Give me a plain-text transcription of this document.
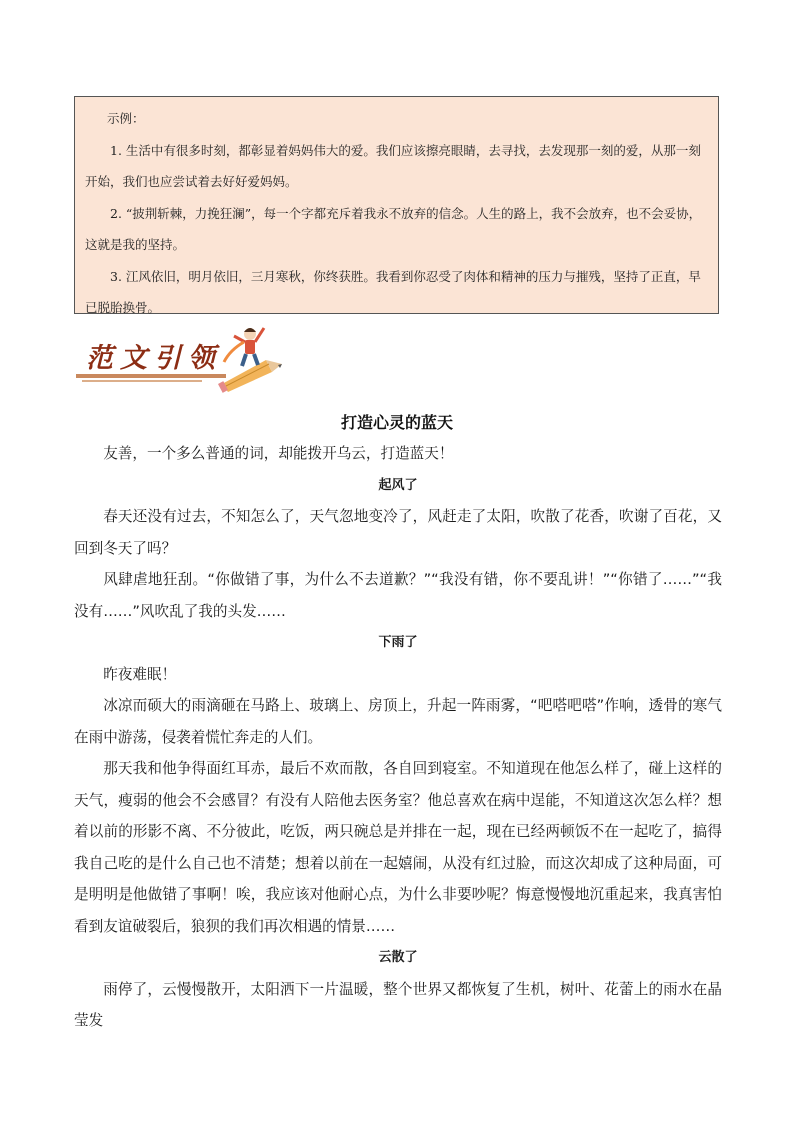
示例：

1. 生活中有很多时刻，都彰显着妈妈伟大的爱。我们应该擦亮眼睛，去寻找，去发现那一刻的爱，从那一刻开始，我们也应尝试着去好好爱妈妈。

2. “披荆斩棘，力挽狂澜”，每一个字都充斥着我永不放弃的信念。人生的路上，我不会放弃，也不会妥协，这就是我的坚持。

3. 江风依旧，明月依旧，三月寒秋，你终获胜。我看到你忍受了肉体和精神的压力与摧残，坚持了正直，早已脱胎换骨。

范文引领
打造心灵的蓝天

友善，一个多么普通的词，却能拨开乌云，打造蓝天！

起风了

春天还没有过去，不知怎么了，天气忽地变冷了，风赶走了太阳，吹散了花香，吹谢了百花，又回到冬天了吗？

风肆虐地狂刮。“你做错了事，为什么不去道歉？”“我没有错，你不要乱讲！”“你错了……”“我没有……”风吹乱了我的头发……

下雨了

昨夜难眠！

冰凉而硕大的雨滴砸在马路上、玻璃上、房顶上，升起一阵雨雾，“吧嗒吧嗒”作响，透骨的寒气在雨中游荡，侵袭着慌忙奔走的人们。

那天我和他争得面红耳赤，最后不欢而散，各自回到寝室。不知道现在他怎么样了，碰上这样的天气，瘦弱的他会不会感冒？有没有人陪他去医务室？他总喜欢在病中逞能，不知道这次怎么样？想着以前的形影不离、不分彼此，吃饭，两只碗总是并排在一起，现在已经两顿饭不在一起吃了，搞得我自己吃的是什么自己也不清楚；想着以前在一起嬉闹，从没有红过脸，而这次却成了这种局面，可是明明是他做错了事啊！唉，我应该对他耐心点，为什么非要吵呢？悔意慢慢地沉重起来，我真害怕看到友谊破裂后，狼狈的我们再次相遇的情景……

云散了

雨停了，云慢慢散开，太阳洒下一片温暖，整个世界又都恢复了生机，树叶、花蕾上的雨水在晶莹发
